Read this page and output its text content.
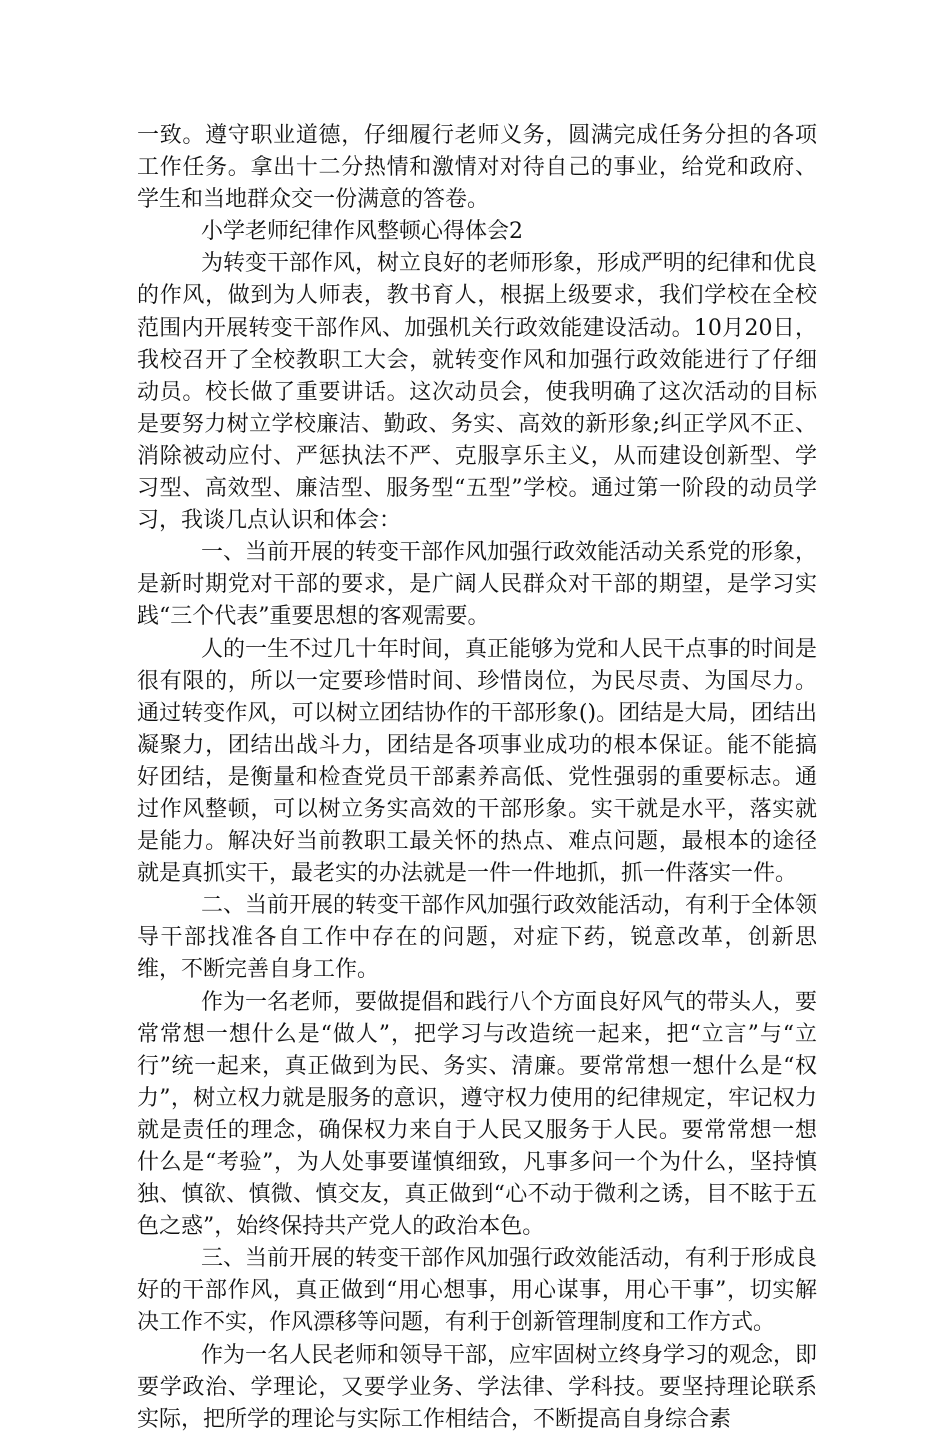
一致。遵守职业道德，仔细履行老师义务，圆满完成任务分担的各项工作任务。拿出十二分热情和激情对对待自己的事业，给党和政府、学生和当地群众交一份满意的答卷。

小学老师纪律作风整顿心得体会2

为转变干部作风，树立良好的老师形象，形成严明的纪律和优良的作风，做到为人师表，教书育人，根据上级要求，我们学校在全校范围内开展转变干部作风、加强机关行政效能建设活动。10月20日，我校召开了全校教职工大会，就转变作风和加强行政效能进行了仔细动员。校长做了重要讲话。这次动员会，使我明确了这次活动的目标是要努力树立学校廉洁、勤政、务实、高效的新形象;纠正学风不正、消除被动应付、严惩执法不严、克服享乐主义，从而建设创新型、学习型、高效型、廉洁型、服务型“五型”学校。通过第一阶段的动员学习，我谈几点认识和体会：

一、当前开展的转变干部作风加强行政效能活动关系党的形象，是新时期党对干部的要求，是广阔人民群众对干部的期望，是学习实践“三个代表”重要思想的客观需要。

人的一生不过几十年时间，真正能够为党和人民干点事的时间是很有限的，所以一定要珍惜时间、珍惜岗位，为民尽责、为国尽力。通过转变作风，可以树立团结协作的干部形象()。团结是大局，团结出凝聚力，团结出战斗力，团结是各项事业成功的根本保证。能不能搞好团结，是衡量和检查党员干部素养高低、党性强弱的重要标志。通过作风整顿，可以树立务实高效的干部形象。实干就是水平，落实就是能力。解决好当前教职工最关怀的热点、难点问题，最根本的途径就是真抓实干，最老实的办法就是一件一件地抓，抓一件落实一件。

二、当前开展的转变干部作风加强行政效能活动，有利于全体领导干部找准各自工作中存在的问题，对症下药，锐意改革，创新思维，不断完善自身工作。

作为一名老师，要做提倡和践行八个方面良好风气的带头人，要常常想一想什么是“做人”，把学习与改造统一起来，把“立言”与“立行”统一起来，真正做到为民、务实、清廉。要常常想一想什么是“权力”，树立权力就是服务的意识，遵守权力使用的纪律规定，牢记权力就是责任的理念，确保权力来自于人民又服务于人民。要常常想一想什么是“考验”，为人处事要谨慎细致，凡事多问一个为什么，坚持慎独、慎欲、慎微、慎交友，真正做到“心不动于微利之诱，目不眩于五色之惑”，始终保持共产党人的政治本色。

三、当前开展的转变干部作风加强行政效能活动，有利于形成良好的干部作风，真正做到“用心想事，用心谋事，用心干事”，切实解决工作不实，作风漂移等问题，有利于创新管理制度和工作方式。

作为一名人民老师和领导干部，应牢固树立终身学习的观念，即要学政治、学理论，又要学业务、学法律、学科技。要坚持理论联系实际，把所学的理论与实际工作相结合，不断提高自身综合素
